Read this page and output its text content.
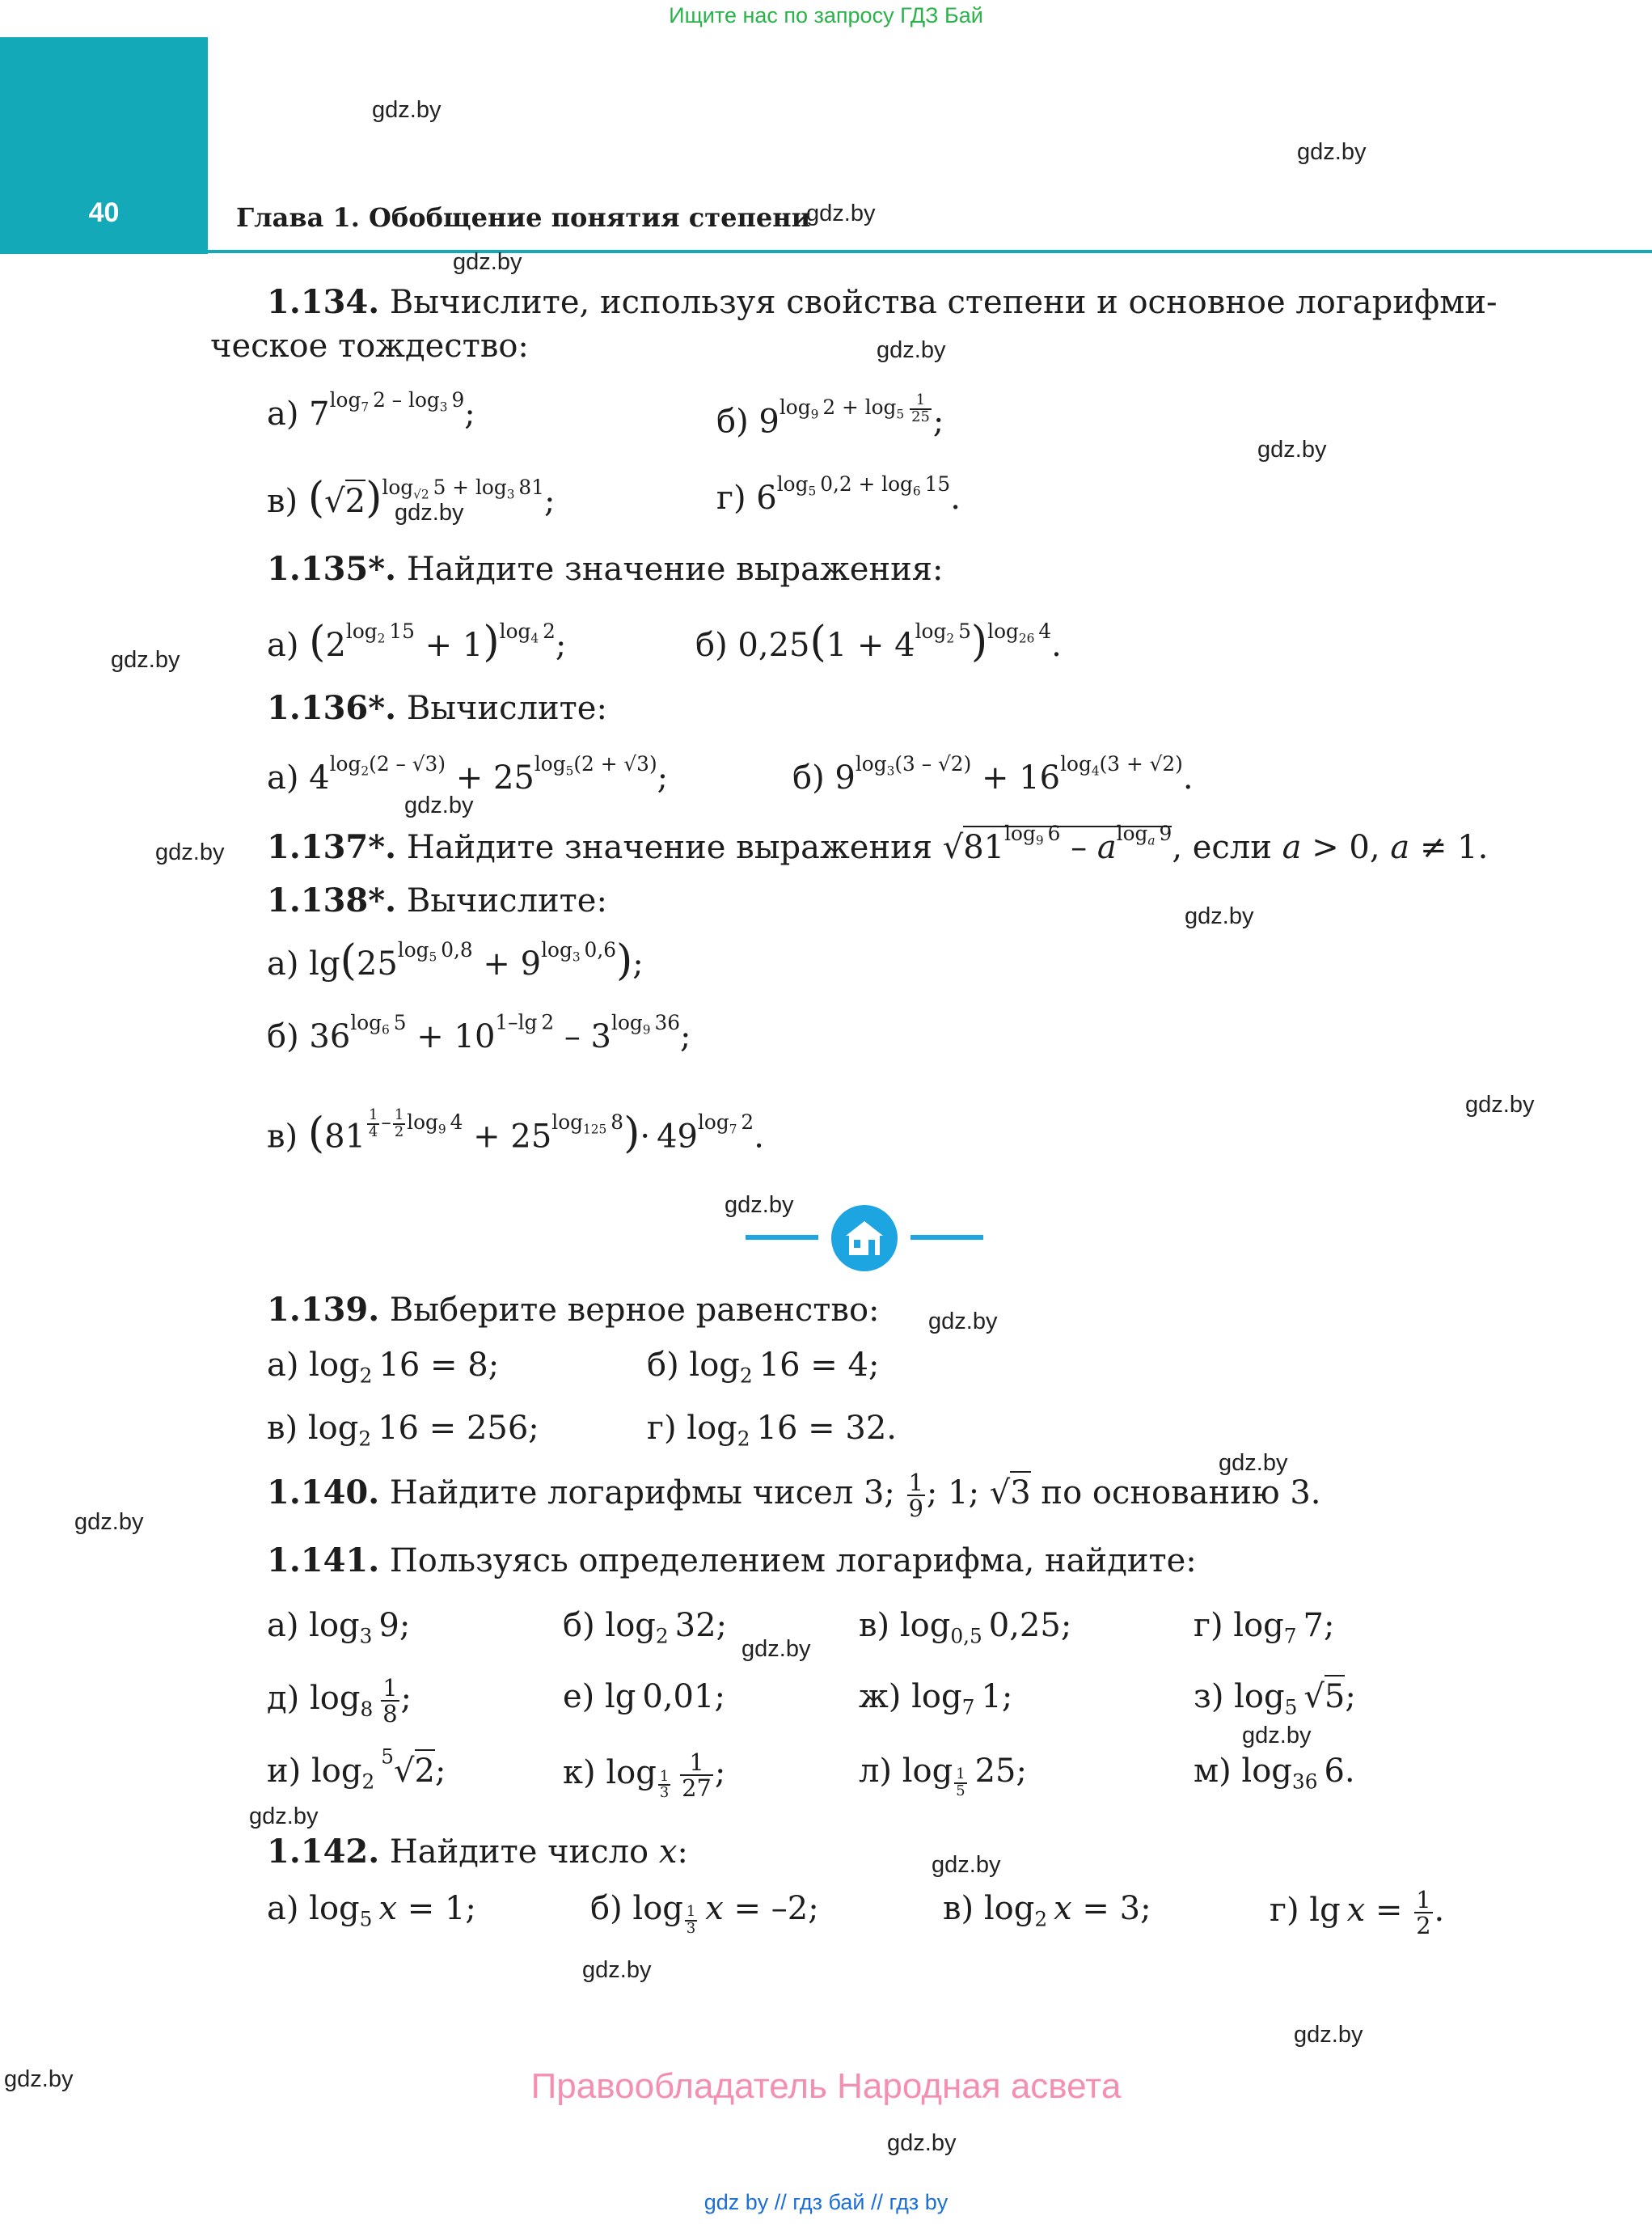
Ищите нас по запросу ГДЗ Бай
40	Глава 1. Обобщение понятия степени
gdz.by
gdz.by
gdz.by
gdz.by
gdz.by
gdz.by
gdz.by
gdz.by
gdz.by
gdz.by
gdz.by
gdz.by
gdz.by
gdz.by
gdz.by
gdz.by
gdz.by
gdz.by
gdz.by
gdz.by
gdz.by
gdz.by
gdz.by
gdz.by
1.134. Вычислите, используя свойства степени и основное логарифми-
ческое тождество:
а) $7^{log_7 2 - log_3 9}$;	б) $9^{log_9 2 + log_5 \frac{1}{25}}$ ;
в) $(√2)^{log_{√2} 5 + log_3 81}$;	г) $6^{log_5 0,2 + log_6 15}$.
1.135*. Найдите значение выражения:
а) $(2^{log_2 15} + 1)^{log_4 2}$;	б) $0,25(1 + 4^{log_2 5})^{log_{26} 4}$.
1.136*. Вычислите:
а) $4^{log_2(2 - √3)} + 25^{log_5(2 + √3)}$;	б) $9^{log_3(3 - √2)} + 16^{log_4(3 + √2)}$.
1.137*. Найдите значение выражения $√81^{log_9 6} - a^{log_a 9}$, если a > 0, a ≠ 1.
1.138*. Вычислите:
а) $\lg(25^{log_5 0,8} + 9^{log_3 0,6})$;
б) $36^{log_6 5} + 10^{1-lg 2} - 3^{log_9 36}$;
в) (81 $^{\frac{1}{4} - \frac{1}{2} log_9 4} + 25^{log_{125} 8})\cdot 49^{log_7 2}$.
1.139. Выберите верное равенство:
а) $\log_2 16 = 8$;	б) $\log_2 16 = 4$;
в) $\log_2 16 = 256$;	г) $\log_2 16 = 32$.
1.140. Найдите логарифмы чисел 3; $\frac{1}{9}$ ; 1; √3 по основанию 3.
1.141. Пользуясь определением логарифма, найдите:
а) $\log_3 9$;	б) $\log_2 32$;	в) $\log_{0,5} 0,25$;	г) $\log_7 7$;
д) $\log_8 \frac{1}{8}$ ;	е) lg 0,01;	ж) $\log_7 1$;	з) $\log_5 √5$;
и) $\log_2 ^5√2$;	к) log $_{\frac{1}{3}}$
  $\frac{1}{27}$ ;	л) log $_{\frac{1}{5}}$  25;	м) $\log_{36} 6$.
1.142. Найдите число x:
а) $\log_5 x = 1$;	б) log $_{\frac{1}{3}}$
  x = –2;	в) $\log_2 x = 3$;	г) $\lg x = \frac{1}{2}$ .
Правообладатель Народная асвета
gdz by // гдз бай // гдз by
